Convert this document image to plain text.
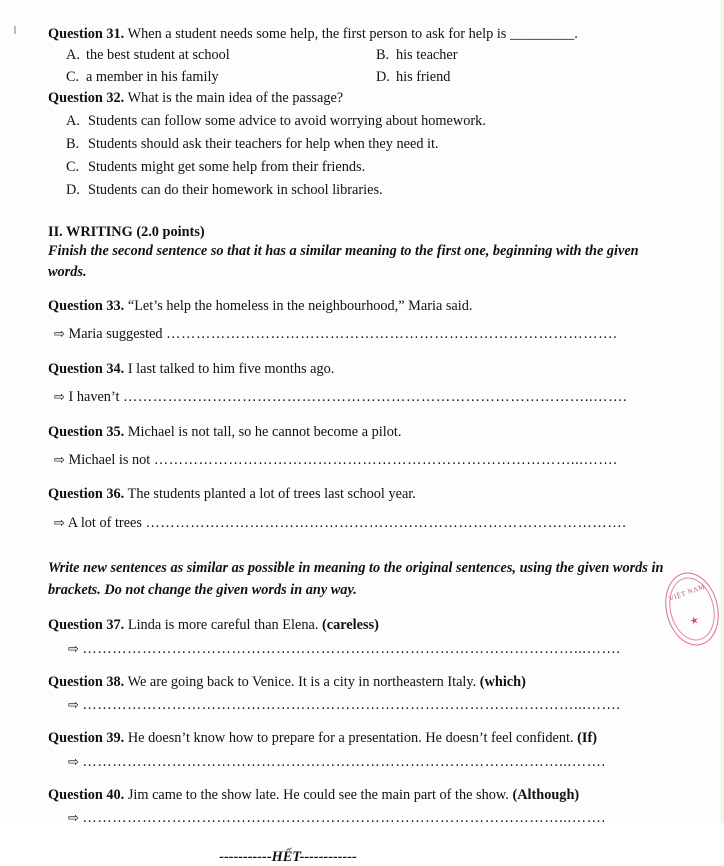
Question 31. When a student needs some help, the first person to ask for help is _________.
A. the best student at school	B. his teacher
C. a member in his family	D. his friend
Question 32. What is the main idea of the passage?
A. Students can follow some advice to avoid worrying about homework.
B. Students should ask their teachers for help when they need it.
C. Students might get some help from their friends.
D. Students can do their homework in school libraries.
II. WRITING (2.0 points)
Finish the second sentence so that it has a similar meaning to the first one, beginning with the given words.
Question 33. “Let’s help the homeless in the neighbourhood,” Maria said.
⇨ Maria suggested ……………………………………………………………………………….
Question 34. I last talked to him five months ago.
⇨ I haven’t …………………………………………………………………………………..…….
Question 35. Michael is not tall, so he cannot become a pilot.
⇨ Michael is not …………………………………………………………………………...…….
Question 36. The students planted a lot of trees last school year.
⇨ A lot of trees …………………………………………………………………………………….
Write new sentences as similar as possible in meaning to the original sentences, using the given words in brackets. Do not change the given words in any way.
Question 37. Linda is more careful than Elena. (careless)
⇨ ………………………………………………………………………………………...…….
Question 38. We are going back to Venice. It is a city in northeastern Italy. (which)
⇨ ………………………………………………………………………………………...…….
Question 39. He doesn’t know how to prepare for a presentation. He doesn’t feel confident. (If)
⇨ ……………………………………………………………………………………...…….
Question 40. Jim came to the show late. He could see the main part of the show. (Although)
⇨ ……………………………………………………………………………………...…….
-----------HẾT------------
VIỆT NAM
★
